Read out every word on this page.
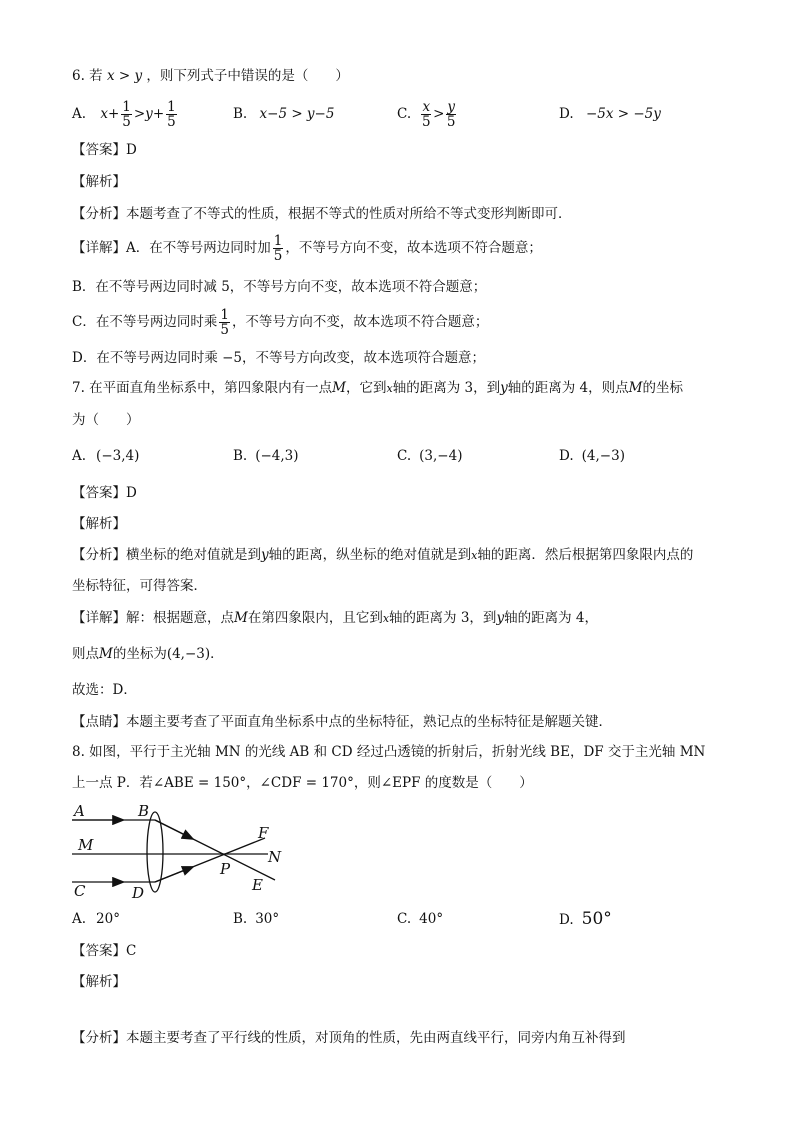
6. 若 x > y ，则下列式子中错误的是（　　）
A. $x+ \frac{1}{5} >y+ \frac{1}{5}$	B. x−5 > y−5	C. $\frac{x}{5} > \frac{y}{5}$	D. −5x > −5y
【答案】D
【解析】
【分析】本题考查了不等式的性质，根据不等式的性质对所给不等式变形判断即可．
【详解】A．在不等号两边同时加 $\frac{1}{5}$ ，不等号方向不变，故本选项不符合题意；
B．在不等号两边同时减 5，不等号方向不变，故本选项不符合题意；
C．在不等号两边同时乘 $\frac{1}{5}$ ，不等号方向不变，故本选项不符合题意；
D．在不等号两边同时乘 −5，不等号方向改变，故本选项符合题意；
7. 在平面直角坐标系中，第四象限内有一点M，它到x轴的距离为 3，到y轴的距离为 4，则点M的坐标
为（　　）
A. (−3,4)	B. (−4,3)	C. (3,−4)	D. (4,−3)
【答案】D
【解析】
【分析】横坐标的绝对值就是到y轴的距离，纵坐标的绝对值就是到x轴的距离．然后根据第四象限内点的
坐标特征，可得答案．
【详解】解：根据题意，点M在第四象限内，且它到x轴的距离为 3，到y轴的距离为 4，
则点M的坐标为(4,−3)．
故选：D．
【点睛】本题主要考查了平面直角坐标系中点的坐标特征，熟记点的坐标特征是解题关键．
8. 如图，平行于主光轴 MN 的光线 AB 和 CD 经过凸透镜的折射后，折射光线 BE，DF 交于主光轴 MN
上一点 P．若∠ABE = 150°，∠CDF = 170°，则∠EPF 的度数是（　　）
A	B
M
C	D
P
F
N
E
A. 20°	B. 30°	C. 40°	D. 50°
【答案】C
【解析】
【分析】本题主要考查了平行线的性质，对顶角的性质，先由两直线平行，同旁内角互补得到
